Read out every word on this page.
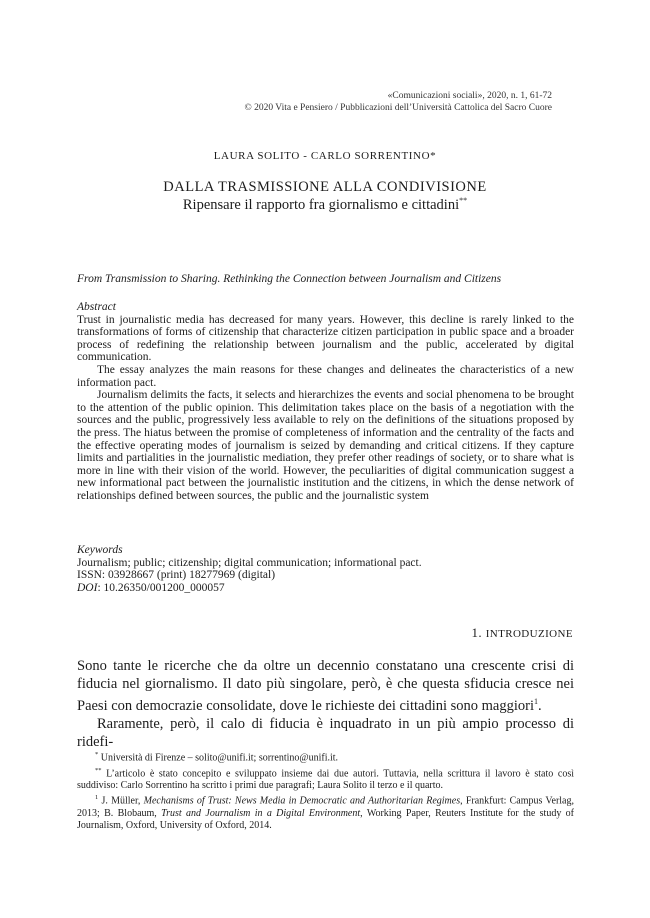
«Comunicazioni sociali», 2020, n. 1, 61-72
© 2020 Vita e Pensiero / Pubblicazioni dell’Università Cattolica del Sacro Cuore
LAURA SOLITO - CARLO SORRENTINO*
DALLA TRASMISSIONE ALLA CONDIVISIONE
Ripensare il rapporto fra giornalismo e cittadini**
From Transmission to Sharing. Rethinking the Connection between Journalism and Citizens

Abstract

Trust in journalistic media has decreased for many years. However, this decline is rarely linked to the transformations of forms of citizenship that characterize citizen participation in public space and a broader process of redefining the relationship between journalism and the public, accelerated by digital communication.

The essay analyzes the main reasons for these changes and delineates the characteristics of a new information pact.

Journalism delimits the facts, it selects and hierarchizes the events and social phenomena to be brought to the attention of the public opinion. This delimitation takes place on the basis of a negotiation with the sources and the public, progressively less available to rely on the definitions of the situations proposed by the press. The hiatus between the promise of completeness of information and the centrality of the facts and the effective operating modes of journalism is seized by demanding and critical citizens. If they capture limits and partialities in the journalistic mediation, they prefer other readings of society, or to share what is more in line with their vision of the world. However, the peculiarities of digital communication suggest a new informational pact between the journalistic institution and the citizens, in which the dense network of relationships defined between sources, the public and the journalistic system

Keywords

Journalism; public; citizenship; digital communication; informational pact.

ISSN: 03928667 (print) 18277969 (digital)

DOI: 10.26350/001200_000057

1. INTRODUZIONE

Sono tante le ricerche che da oltre un decennio constatano una crescente crisi di fiducia nel giornalismo. Il dato più singolare, però, è che questa sfiducia cresce nei Paesi con democrazie consolidate, dove le richieste dei cittadini sono maggiori$^1$.

Raramente, però, il calo di fiducia è inquadrato in un più ampio processo di ridefi-

* Università di Firenze – solito@unifi.it; sorrentino@unifi.it.

** L’articolo è stato concepito e sviluppato insieme dai due autori. Tuttavia, nella scrittura il lavoro è stato così suddiviso: Carlo Sorrentino ha scritto i primi due paragrafi; Laura Solito il terzo e il quarto.

$^1$ J. Müller, Mechanisms of Trust: News Media in Democratic and Authoritarian Regimes, Frankfurt: Campus Verlag, 2013; B. Blobaum, Trust and Journalism in a Digital Environment, Working Paper, Reuters Institute for the study of Journalism, Oxford, University of Oxford, 2014.
